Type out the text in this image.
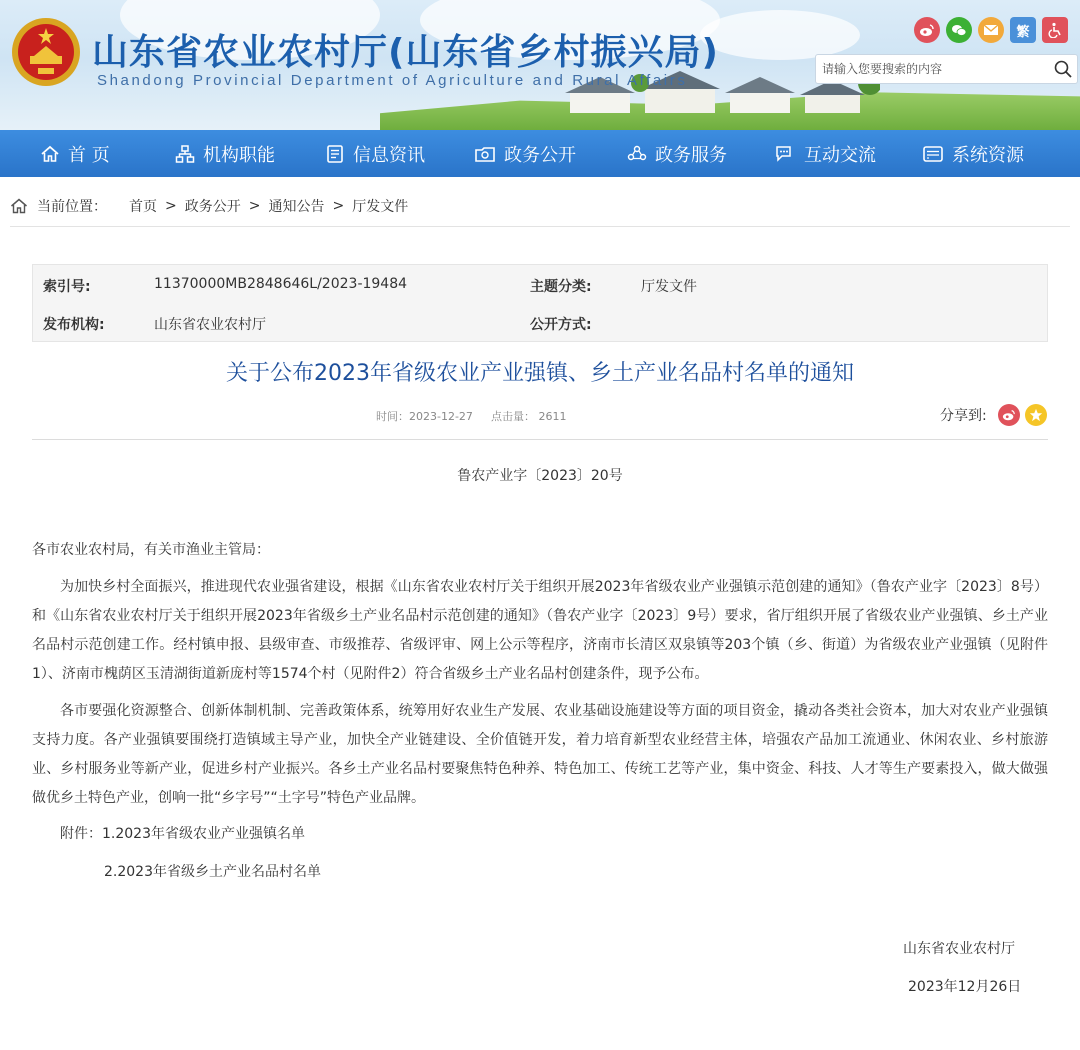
山东省农业农村厅(山东省乡村振兴局)
Shandong Provincial Department of Agriculture and Rural Affairs
繁
请输入您要搜索的内容
首 页	机构职能	信息资讯	政务公开	政务服务	互动交流	系统资源
当前位置： 首页 > 政务公开 > 通知公告 > 厅发文件
索引号:	11370000MB2848646L/2023-19484	主题分类:	厅发文件
发布机构:	山东省农业农村厅	公开方式:
关于公布2023年省级农业产业强镇、乡土产业名品村名单的通知
时间：2023-12-27 点击量： 2611	分享到:
鲁农产业字〔2023〕20号
各市农业农村局，有关市渔业主管局：
为加快乡村全面振兴，推进现代农业强省建设，根据《山东省农业农村厅关于组织开展2023年省级农业产业强镇示范创建的通知》（鲁农产业字〔2023〕8号）和《山东省农业农村厅关于组织开展2023年省级乡土产业名品村示范创建的通知》（鲁农产业字〔2023〕9号）要求，省厅组织开展了省级农业产业强镇、乡土产业名品村示范创建工作。经村镇申报、县级审查、市级推荐、省级评审、网上公示等程序，济南市长清区双泉镇等203个镇（乡、街道）为省级农业产业强镇（见附件1）、济南市槐荫区玉清湖街道新庞村等1574个村（见附件2）符合省级乡土产业名品村创建条件，现予公布。
各市要强化资源整合、创新体制机制、完善政策体系，统筹用好农业生产发展、农业基础设施建设等方面的项目资金，撬动各类社会资本，加大对农业产业强镇支持力度。各产业强镇要围绕打造镇域主导产业，加快全产业链建设、全价值链开发，着力培育新型农业经营主体，培强农产品加工流通业、休闲农业、乡村旅游业、乡村服务业等新产业，促进乡村产业振兴。各乡土产业名品村要聚焦特色种养、特色加工、传统工艺等产业，集中资金、科技、人才等生产要素投入，做大做强做优乡土特色产业，创响一批“乡字号”“土字号”特色产业品牌。
附件：1.2023年省级农业产业强镇名单
2.2023年省级乡土产业名品村名单
山东省农业农村厅
2023年12月26日
